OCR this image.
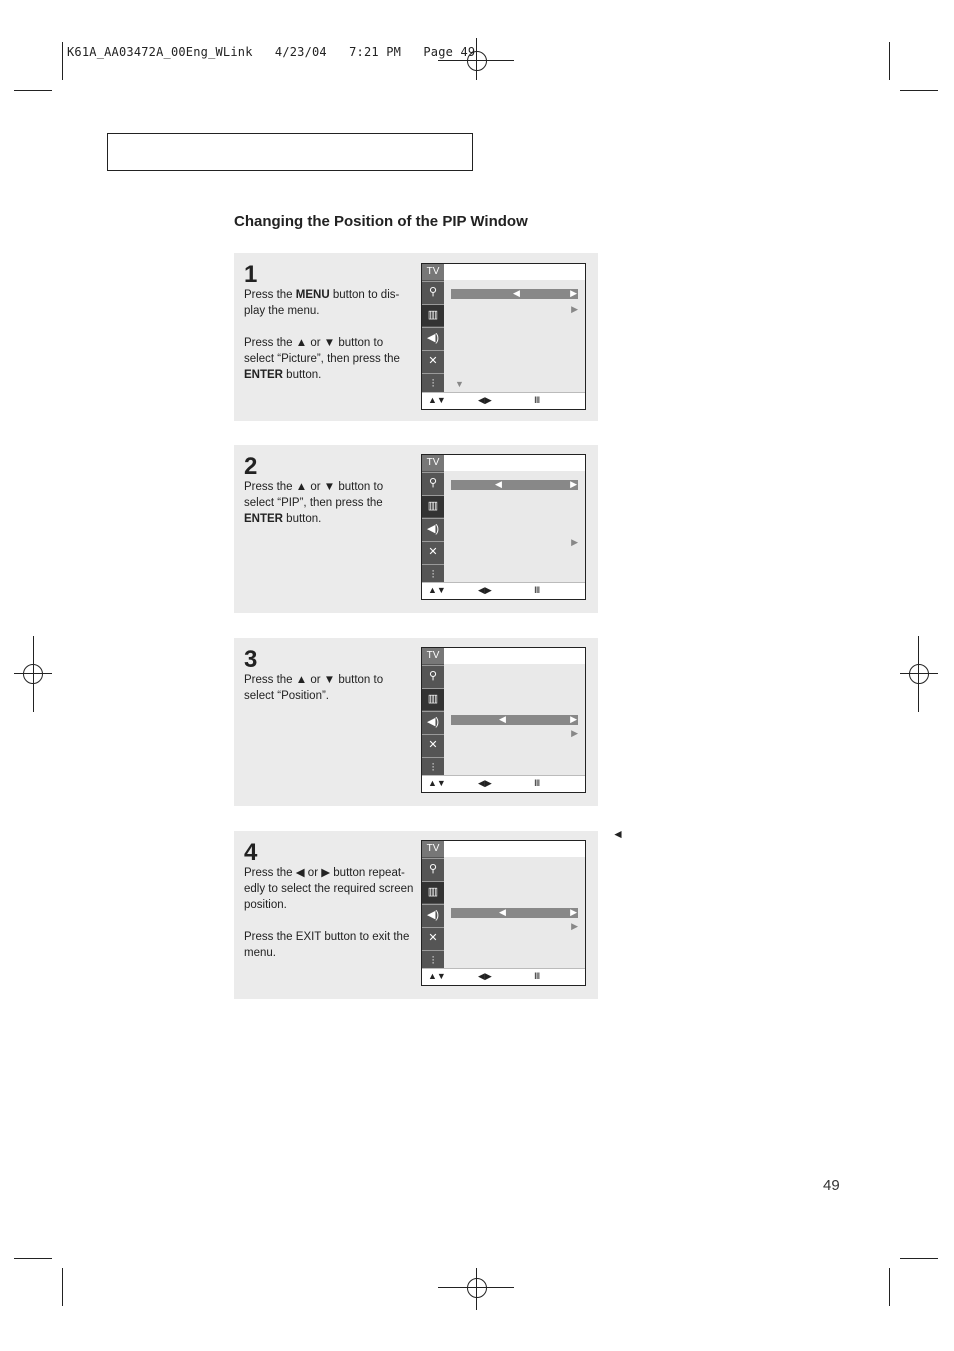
K61A_AA03472A_00Eng_WLink   4/23/04   7:21 PM   Page 49
Changing the Position of the PIP Window
1

Press the MENU button to dis-play the menu.

Press the ▲ or ▼ button to select “Picture”, then press the ENTER button.

TV
⚲
▥
◀)
✕
⫶
◀	▶
▶
▼
▲▼	◀▶	Ⅲ
2

Press the ▲ or ▼ button to select “PIP”, then press the ENTER button.

TV
⚲
▥
◀)
✕
⫶
◀	▶
▶
▲▼	◀▶	Ⅲ
3

Press the ▲ or ▼ button to select “Position”.

TV
⚲
▥
◀)
✕
⫶
◀	▶
▶
▲▼	◀▶	Ⅲ
4

Press the ◀ or ▶ button repeat-edly to select the required screen position.

Press the EXIT button to exit the menu.

TV
⚲
▥
◀)
✕
⫶
◀	▶
▶
▲▼	◀▶	Ⅲ
◄
49
